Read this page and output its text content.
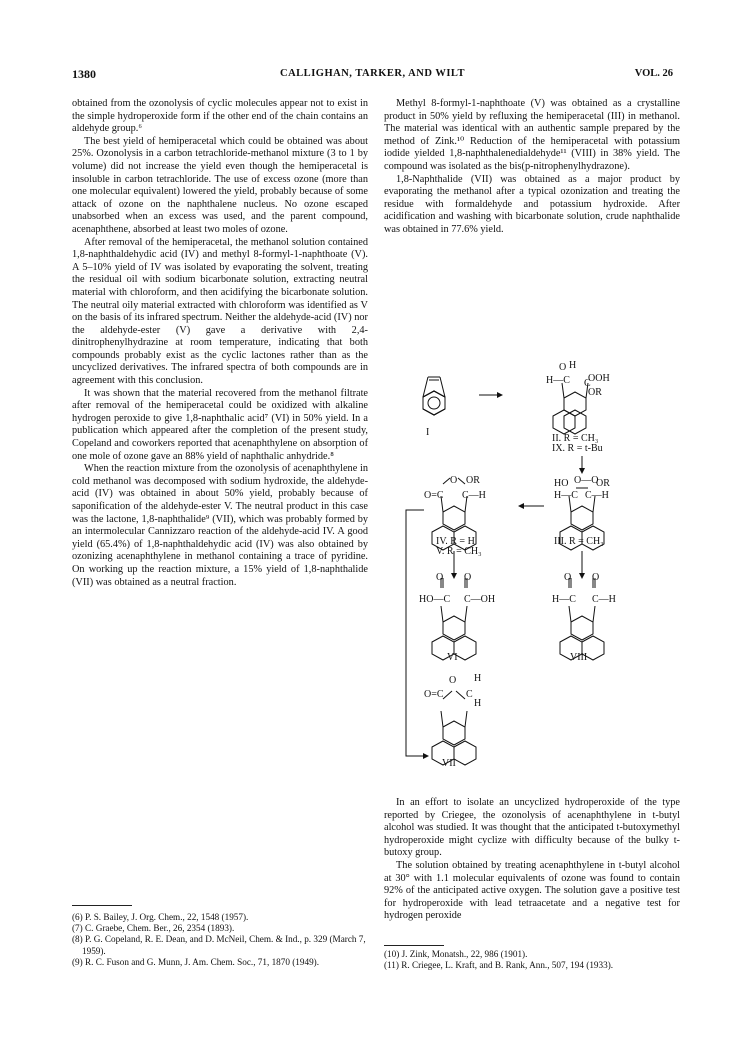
1380	CALLIGHAN, TARKER, AND WILT	VOL. 26

obtained from the ozonolysis of cyclic molecules appear not to exist in the simple hydroperoxide form if the other end of the chain contains an aldehyde group.⁶

The best yield of hemiperacetal which could be obtained was about 25%. Ozonolysis in a carbon tetrachloride-methanol mixture (3 to 1 by volume) did not increase the yield even though the hemiperacetal is insoluble in carbon tetrachloride. The use of excess ozone (more than one molecular equivalent) lowered the yield, probably because of some attack of ozone on the naphthalene nucleus. No ozone escaped unabsorbed when an excess was used, and the parent compound, acenaphthene, absorbed at least two moles of ozone.

After removal of the hemiperacetal, the methanol solution contained 1,8-naphthaldehydic acid (IV) and methyl 8-formyl-1-naphthoate (V). A 5–10% yield of IV was isolated by evaporating the solvent, treating the residual oil with sodium bicarbonate solution, extracting neutral material with chloroform, and then acidifying the bicarbonate solution. The neutral oily material extracted with chloroform was identified as V on the basis of its infrared spectrum. Neither the aldehyde-acid (IV) nor the aldehyde-ester (V) gave a derivative with 2,4-dinitrophenylhydrazine at room temperature, indicating that both compounds probably exist as the cyclic lactones rather than as the uncyclized derivatives. The infrared spectra of both compounds are in agreement with this conclusion.

It was shown that the material recovered from the methanol filtrate after removal of the hemiperacetal could be oxidized with alkaline hydrogen peroxide to give 1,8-naphthalic acid⁷ (VI) in 50% yield. In a publication which appeared after the completion of the present study, Copeland and coworkers reported that acenaphthylene on absorption of one mole of ozone gave an 88% yield of naphthalic anhydride.⁸

When the reaction mixture from the ozonolysis of acenaphthylene in cold methanol was decomposed with sodium hydroxide, the aldehyde-acid (IV) was obtained in about 50% yield, probably because of saponification of the aldehyde-ester V. The neutral product in this case was the lactone, 1,8-naphthalide⁹ (VII), which was probably formed by an intermolecular Cannizzaro reaction of the aldehyde-acid IV. A good yield (65.4%) of 1,8-naphthaldehydic acid (IV) was also obtained by ozonizing acenaphthylene in methanol containing a trace of pyridine. On working up the reaction mixture, a 15% yield of 1,8-naphthalide (VII) was obtained as a neutral fraction.

(6) P. S. Bailey, J. Org. Chem., 22, 1548 (1957).

(7) C. Graebe, Chem. Ber., 26, 2354 (1893).

(8) P. G. Copeland, R. E. Dean, and D. McNeil, Chem. & Ind., p. 329 (March 7, 1959).

(9) R. C. Fuson and G. Munn, J. Am. Chem. Soc., 71, 1870 (1949).

Methyl 8-formyl-1-naphthoate (V) was obtained as a crystalline product in 50% yield by refluxing the hemiperacetal (III) in methanol. The material was identical with an authentic sample prepared by the method of Zink.¹⁰ Reduction of the hemiperacetal with potassium iodide yielded 1,8-naphthalenedialdehyde¹¹ (VIII) in 38% yield. The compound was isolated as the bis(p-nitrophenylhydrazone).

1,8-Naphthalide (VII) was obtained as a major product by evaporating the methanol after a typical ozonization and treating the residue with formaldehyde and potassium hydroxide. After acidification and washing with bicarbonate solution, crude naphthalide was obtained in 77.6% yield.

I
O H
OOH
H—C C
OR
II. R = CH₃
IX. R = t-Bu
HO O—O
OR
H—C C—H
III. R = CH₃
O OR
O=C C—H
IV. R = H
V. R = CH₃
O O
HO—C C—OH
VI
O O
H—C C—H
VIII
O H
O=C C
H
VII

In an effort to isolate an uncyclized hydroperoxide of the type reported by Criegee, the ozonolysis of acenaphthylene in t-butyl alcohol was studied. It was thought that the anticipated t-butoxymethyl hydroperoxide might cyclize with difficulty because of the bulky t-butoxy group.

The solution obtained by treating acenaphthylene in t-butyl alcohol at 30° with 1.1 molecular equivalents of ozone was found to contain 92% of the anticipated active oxygen. The solution gave a positive test for hydroperoxide with lead tetraacetate and a negative test for hydrogen peroxide

(10) J. Zink, Monatsh., 22, 986 (1901).

(11) R. Criegee, L. Kraft, and B. Rank, Ann., 507, 194 (1933).
